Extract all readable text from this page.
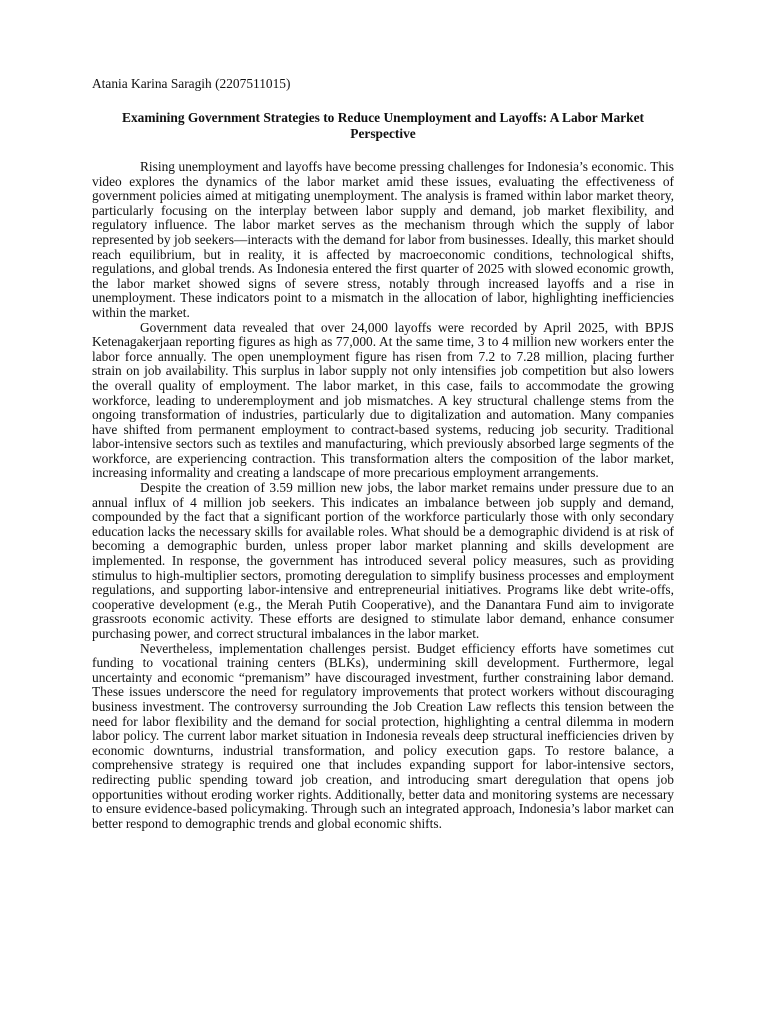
Atania Karina Saragih (2207511015)

Examining Government Strategies to Reduce Unemployment and Layoffs: A Labor Market Perspective

Rising unemployment and layoffs have become pressing challenges for Indonesia’s economic. This video explores the dynamics of the labor market amid these issues, evaluating the effectiveness of government policies aimed at mitigating unemployment. The analysis is framed within labor market theory, particularly focusing on the interplay between labor supply and demand, job market flexibility, and regulatory influence. The labor market serves as the mechanism through which the supply of labor represented by job seekers—interacts with the demand for labor from businesses. Ideally, this market should reach equilibrium, but in reality, it is affected by macroeconomic conditions, technological shifts, regulations, and global trends. As Indonesia entered the first quarter of 2025 with slowed economic growth, the labor market showed signs of severe stress, notably through increased layoffs and a rise in unemployment. These indicators point to a mismatch in the allocation of labor, highlighting inefficiencies within the market.

Government data revealed that over 24,000 layoffs were recorded by April 2025, with BPJS Ketenagakerjaan reporting figures as high as 77,000. At the same time, 3 to 4 million new workers enter the labor force annually. The open unemployment figure has risen from 7.2 to 7.28 million, placing further strain on job availability. This surplus in labor supply not only intensifies job competition but also lowers the overall quality of employment. The labor market, in this case, fails to accommodate the growing workforce, leading to underemployment and job mismatches. A key structural challenge stems from the ongoing transformation of industries, particularly due to digitalization and automation. Many companies have shifted from permanent employment to contract-based systems, reducing job security. Traditional labor-intensive sectors such as textiles and manufacturing, which previously absorbed large segments of the workforce, are experiencing contraction. This transformation alters the composition of the labor market, increasing informality and creating a landscape of more precarious employment arrangements.

Despite the creation of 3.59 million new jobs, the labor market remains under pressure due to an annual influx of 4 million job seekers. This indicates an imbalance between job supply and demand, compounded by the fact that a significant portion of the workforce particularly those with only secondary education lacks the necessary skills for available roles. What should be a demographic dividend is at risk of becoming a demographic burden, unless proper labor market planning and skills development are implemented. In response, the government has introduced several policy measures, such as providing stimulus to high-multiplier sectors, promoting deregulation to simplify business processes and employment regulations, and supporting labor-intensive and entrepreneurial initiatives. Programs like debt write-offs, cooperative development (e.g., the Merah Putih Cooperative), and the Danantara Fund aim to invigorate grassroots economic activity. These efforts are designed to stimulate labor demand, enhance consumer purchasing power, and correct structural imbalances in the labor market.

Nevertheless, implementation challenges persist. Budget efficiency efforts have sometimes cut funding to vocational training centers (BLKs), undermining skill development. Furthermore, legal uncertainty and economic “premanism” have discouraged investment, further constraining labor demand. These issues underscore the need for regulatory improvements that protect workers without discouraging business investment. The controversy surrounding the Job Creation Law reflects this tension between the need for labor flexibility and the demand for social protection, highlighting a central dilemma in modern labor policy. The current labor market situation in Indonesia reveals deep structural inefficiencies driven by economic downturns, industrial transformation, and policy execution gaps. To restore balance, a comprehensive strategy is required one that includes expanding support for labor-intensive sectors, redirecting public spending toward job creation, and introducing smart deregulation that opens job opportunities without eroding worker rights. Additionally, better data and monitoring systems are necessary to ensure evidence-based policymaking. Through such an integrated approach, Indonesia’s labor market can better respond to demographic trends and global economic shifts.
